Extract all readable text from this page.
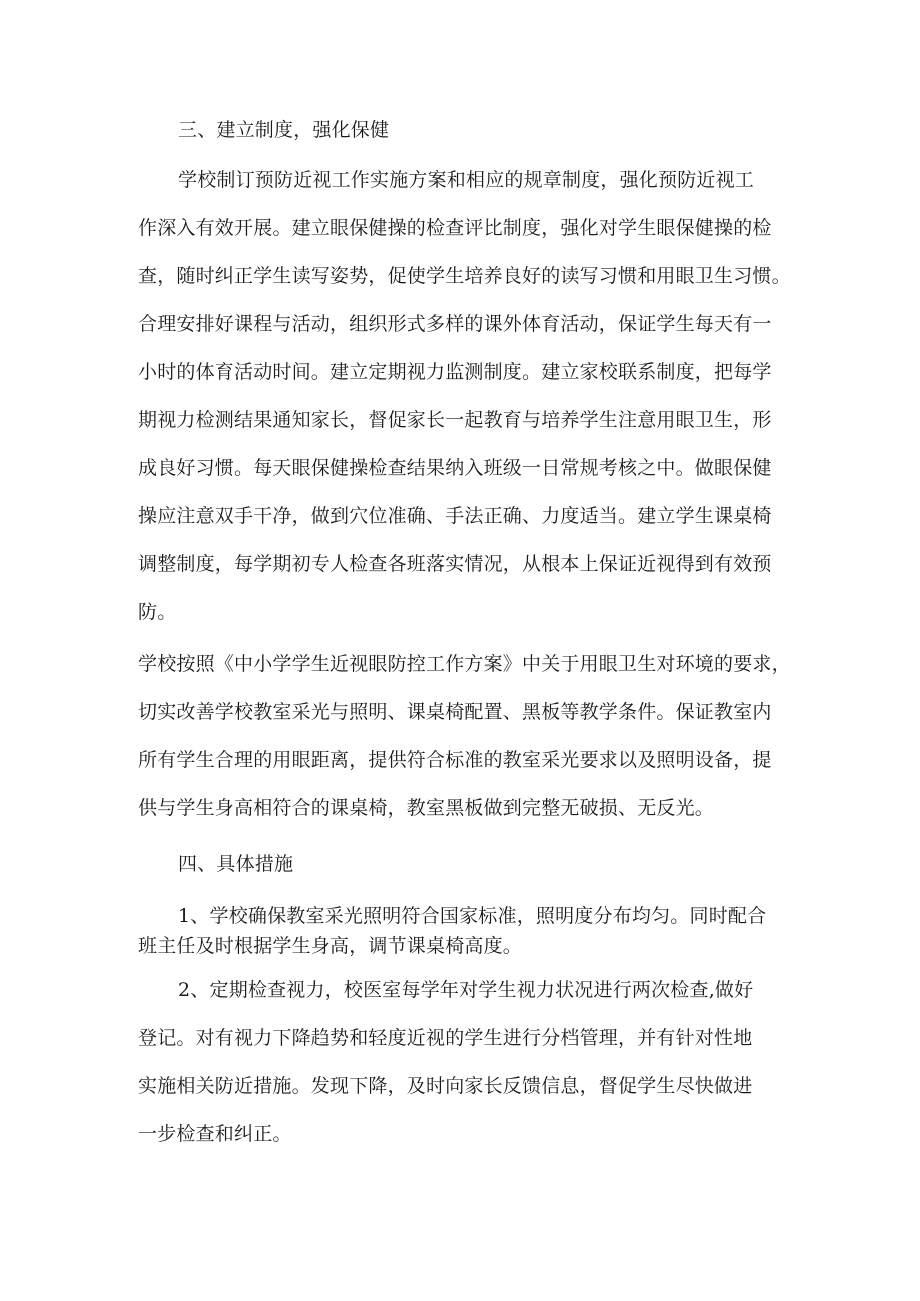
三、建立制度，强化保健
学校制订预防近视工作实施方案和相应的规章制度，强化预防近视工
作深入有效开展。建立眼保健操的检查评比制度，强化对学生眼保健操的检
查，随时纠正学生读写姿势，促使学生培养良好的读写习惯和用眼卫生习惯。
合理安排好课程与活动，组织形式多样的课外体育活动，保证学生每天有一
小时的体育活动时间。建立定期视力监测制度。建立家校联系制度，把每学
期视力检测结果通知家长，督促家长一起教育与培养学生注意用眼卫生，形
成良好习惯。每天眼保健操检查结果纳入班级一日常规考核之中。做眼保健
操应注意双手干净，做到穴位准确、手法正确、力度适当。建立学生课桌椅
调整制度，每学期初专人检查各班落实情况，从根本上保证近视得到有效预
防。
学校按照《中小学学生近视眼防控工作方案》中关于用眼卫生对环境的要求，
切实改善学校教室采光与照明、课桌椅配置、黑板等教学条件。保证教室内
所有学生合理的用眼距离，提供符合标准的教室采光要求以及照明设备，提
供与学生身高相符合的课桌椅，教室黑板做到完整无破损、无反光。
四、具体措施
1、学校确保教室采光照明符合国家标准，照明度分布均匀。同时配合
班主任及时根据学生身高，调节课桌椅高度。
2、定期检查视力，校医室每学年对学生视力状况进行两次检查,做好
登记。对有视力下降趋势和轻度近视的学生进行分档管理，并有针对性地
实施相关防近措施。发现下降，及时向家长反馈信息，督促学生尽快做进
一步检查和纠正。
